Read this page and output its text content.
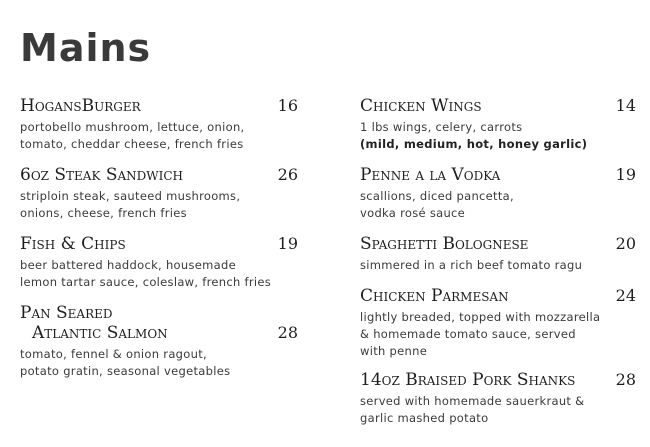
Mains
HogansBurger	16
portobello mushroom, lettuce, onion,
tomato, cheddar cheese, french fries
6oz Steak Sandwich	26
striploin steak, sauteed mushrooms,
onions, cheese, french fries
Fish & Chips	19
beer battered haddock, housemade
lemon tartar sauce, coleslaw, french fries
Pan Seared
Atlantic Salmon	28
tomato, fennel & onion ragout,
potato gratin, seasonal vegetables
Chicken Wings	14
1 lbs wings, celery, carrots
(mild, medium, hot, honey garlic)
Penne a la Vodka	19
scallions, diced pancetta,
vodka rosé sauce
Spaghetti Bolognese	20
simmered in a rich beef tomato ragu
Chicken Parmesan	24
lightly breaded, topped with mozzarella
& homemade tomato sauce, served
with penne
14oz Braised Pork Shanks	28
served with homemade sauerkraut &
garlic mashed potato
